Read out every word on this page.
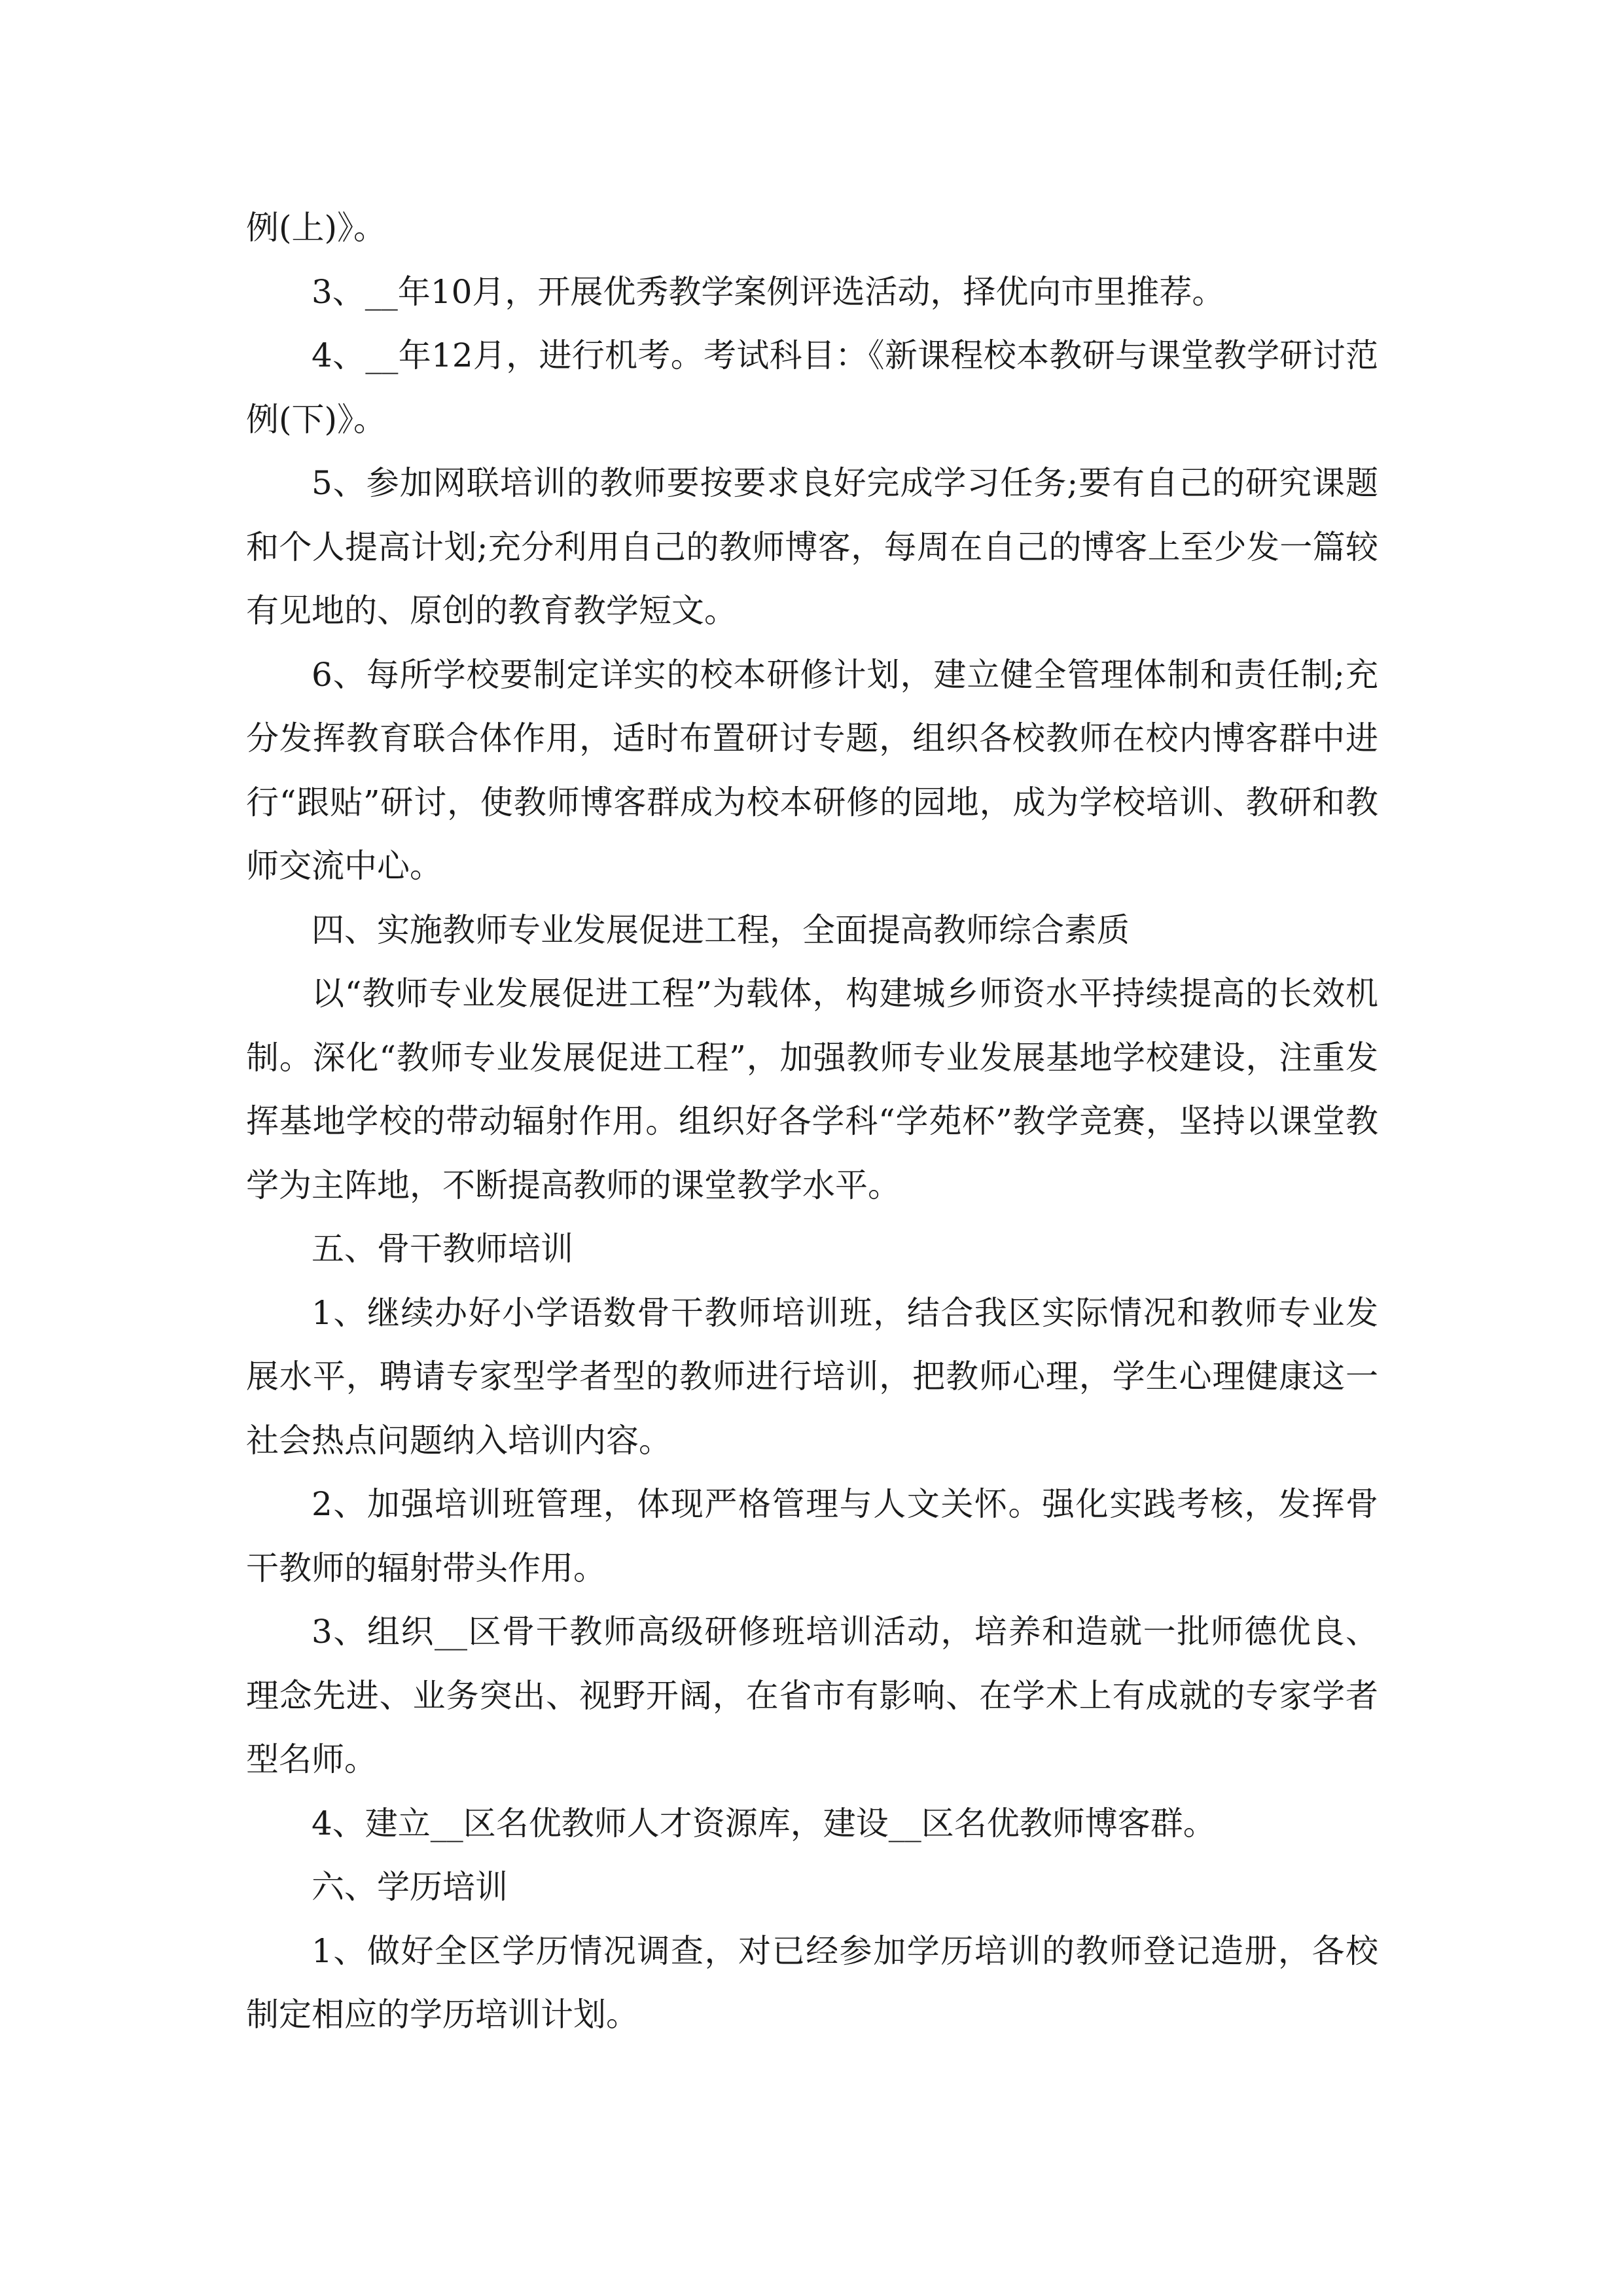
例(上)》。

3、__年10月，开展优秀教学案例评选活动，择优向市里推荐。

4、__年12月，进行机考。考试科目：《新课程校本教研与课堂教学研讨范例(下)》。

5、参加网联培训的教师要按要求良好完成学习任务;要有自己的研究课题和个人提高计划;充分利用自己的教师博客，每周在自己的博客上至少发一篇较有见地的、原创的教育教学短文。

6、每所学校要制定详实的校本研修计划，建立健全管理体制和责任制;充分发挥教育联合体作用，适时布置研讨专题，组织各校教师在校内博客群中进行“跟贴”研讨，使教师博客群成为校本研修的园地，成为学校培训、教研和教师交流中心。

四、实施教师专业发展促进工程，全面提高教师综合素质

以“教师专业发展促进工程”为载体，构建城乡师资水平持续提高的长效机制。深化“教师专业发展促进工程”，加强教师专业发展基地学校建设，注重发挥基地学校的带动辐射作用。组织好各学科“学苑杯”教学竞赛，坚持以课堂教学为主阵地，不断提高教师的课堂教学水平。

五、骨干教师培训

1、继续办好小学语数骨干教师培训班，结合我区实际情况和教师专业发展水平，聘请专家型学者型的教师进行培训，把教师心理，学生心理健康这一社会热点问题纳入培训内容。

2、加强培训班管理，体现严格管理与人文关怀。强化实践考核，发挥骨干教师的辐射带头作用。

3、组织__区骨干教师高级研修班培训活动，培养和造就一批师德优良、理念先进、业务突出、视野开阔，在省市有影响、在学术上有成就的专家学者型名师。

4、建立__区名优教师人才资源库，建设__区名优教师博客群。

六、学历培训

1、做好全区学历情况调查，对已经参加学历培训的教师登记造册，各校制定相应的学历培训计划。
